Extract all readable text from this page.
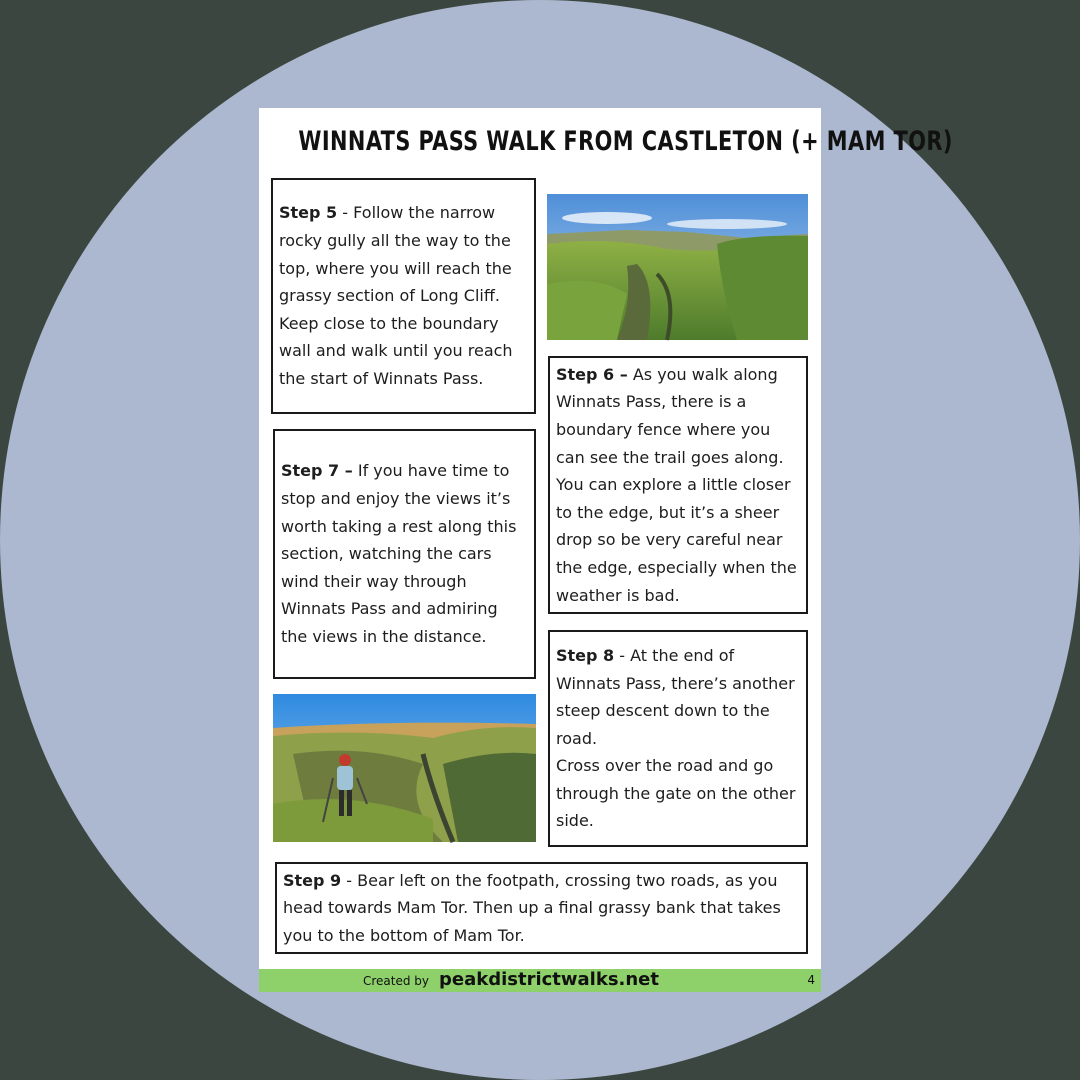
WINNATS PASS WALK FROM CASTLETON (+ MAM TOR)
Step 5 - Follow the narrow rocky gully all the way to the top, where you will reach the grassy section of Long Cliff. Keep close to the boundary wall and walk until you reach the start of Winnats Pass.	Step 6 – As you walk along Winnats Pass, there is a boundary fence where you can see the trail goes along. You can explore a little closer to the edge, but it’s a sheer drop so be very careful near the edge, especially when the weather is bad.
Step 7 – If you have time to stop and enjoy the views it’s worth taking a rest along this section, watching the cars wind their way through Winnats Pass and admiring the views in the distance.
Step 8 - At the end of Winnats Pass, there’s another steep descent down to the road.
Cross over the road and go through the gate on the other side.
Step 9 - Bear left on the footpath, crossing two roads, as you head towards Mam Tor. Then up a final grassy bank that takes you to the bottom of Mam Tor.
Created by peakdistrictwalks.net	4
